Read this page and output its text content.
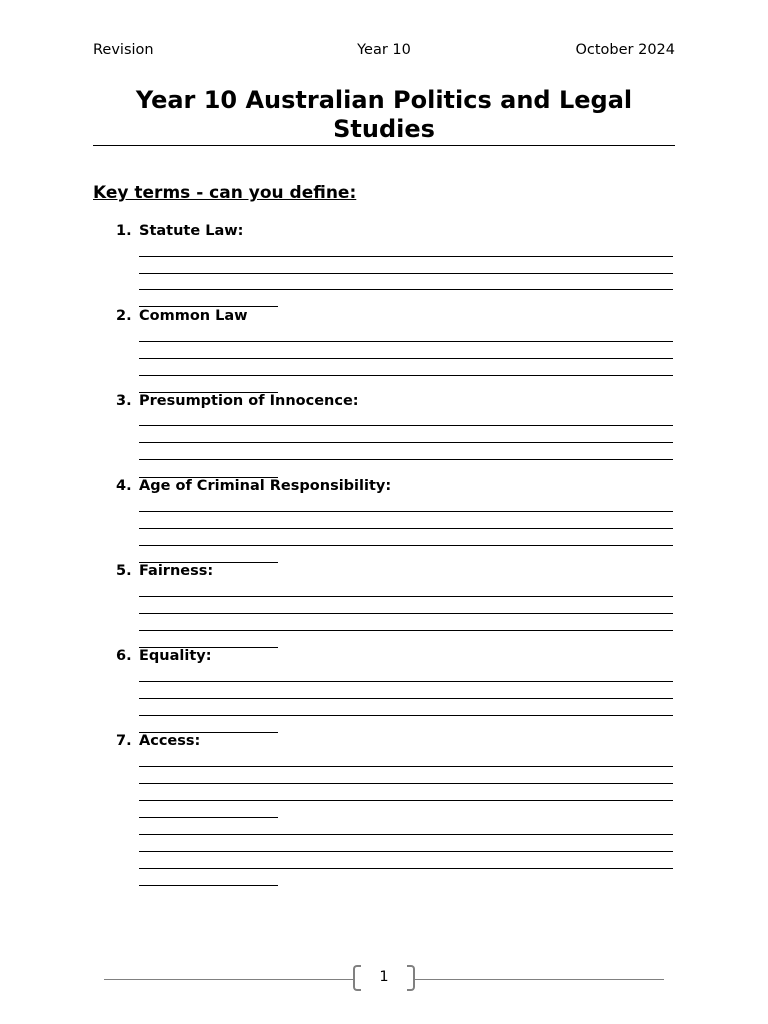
Revision	Year 10	October 2024
Year 10 Australian Politics and Legal Studies
Key terms - can you define:
1. Statute Law:
2. Common Law
3. Presumption of Innocence:
4. Age of Criminal Responsibility:
5. Fairness:
6. Equality:
7. Access:
1
